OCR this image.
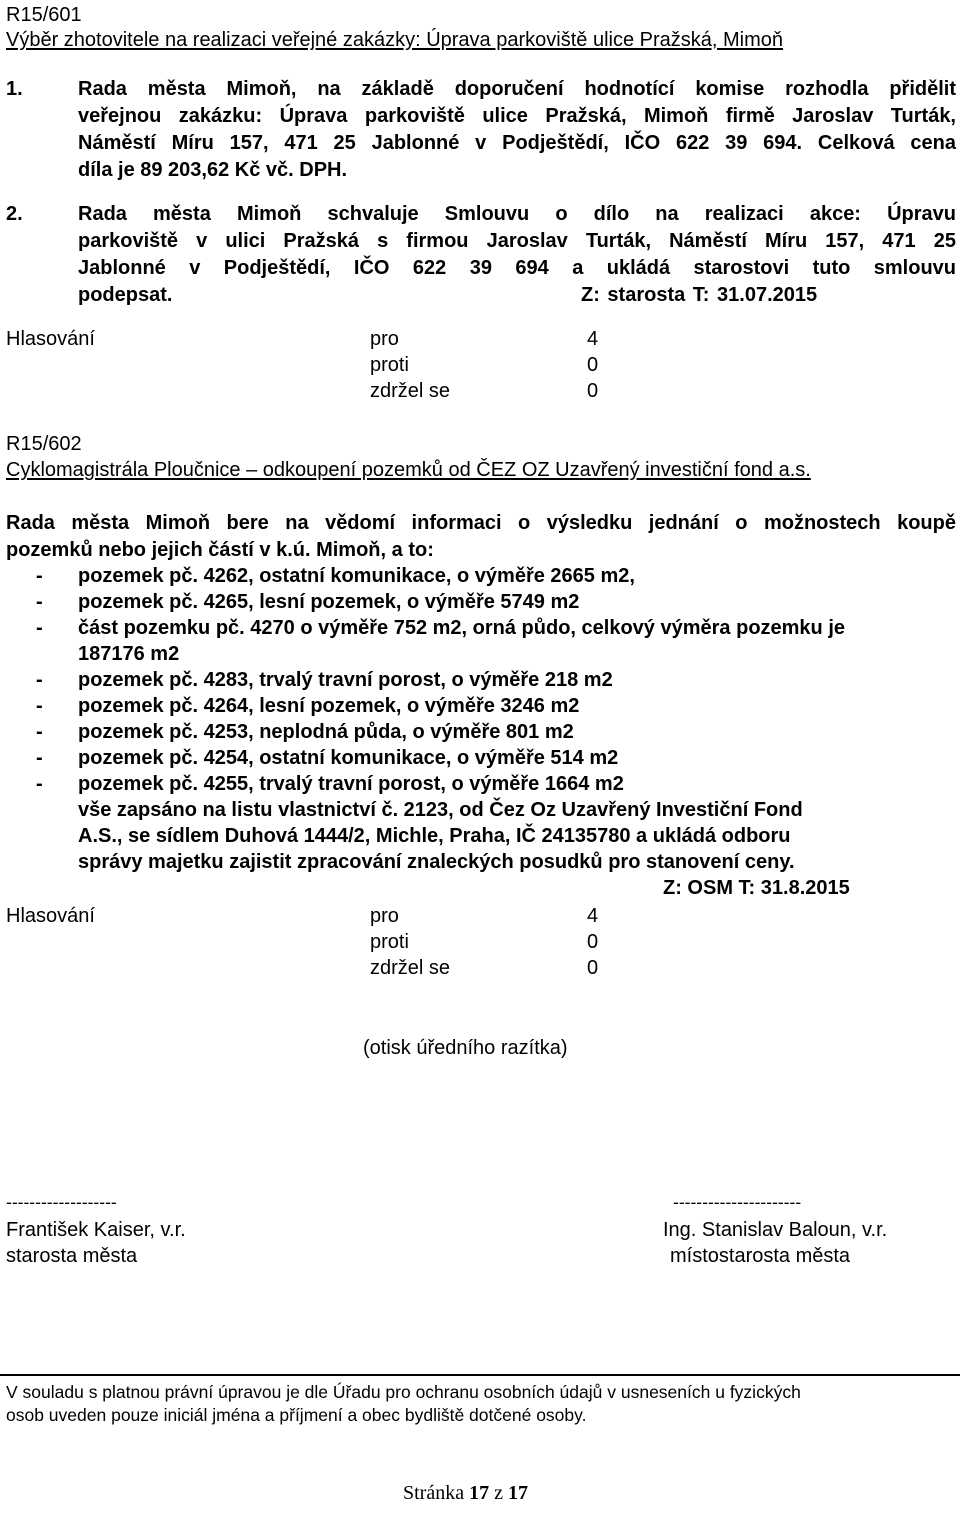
R15/601
Výběr zhotovitele na realizaci veřejné zakázky: Úprava parkoviště ulice Pražská, Mimoň
1.	Rada města Mimoň, na základě doporučení hodnotící komise rozhodla přidělit
veřejnou zakázku: Úprava parkoviště ulice Pražská, Mimoň firmě Jaroslav Turták,
Náměstí Míru 157, 471 25 Jablonné v Podještědí, IČO 622 39 694. Celková cena
díla je 89 203,62 Kč vč. DPH.
2.	Rada města Mimoň schvaluje Smlouvu o dílo na realizaci akce: Úpravu
parkoviště v ulici Pražská s firmou Jaroslav Turták, Náměstí Míru 157, 471 25
Jablonné v Podještědí, IČO 622 39 694 a ukládá starostovi tuto smlouvu
podepsat.	Z: starosta T: 31.07.2015
Hlasování	pro	4
proti	0
zdržel se	0
R15/602
Cyklomagistrála Ploučnice – odkoupení pozemků od ČEZ OZ Uzavřený investiční fond a.s.
Rada města Mimoň bere na vědomí informaci o výsledku jednání o možnostech koupě
pozemků nebo jejich částí v k.ú. Mimoň, a to:
- pozemek pč. 4262, ostatní komunikace, o výměře 2665 m2,
- pozemek pč. 4265, lesní pozemek, o výměře 5749 m2
- část pozemku pč. 4270 o výměře 752 m2, orná půdo, celkový výměra pozemku je
187176 m2
- pozemek pč. 4283, trvalý travní porost, o výměře 218 m2
- pozemek pč. 4264, lesní pozemek, o výměře 3246 m2
- pozemek pč. 4253, neplodná půda, o výměře 801 m2
- pozemek pč. 4254, ostatní komunikace, o výměře 514 m2
- pozemek pč. 4255, trvalý travní porost, o výměře 1664 m2
vše zapsáno na listu vlastnictví č. 2123, od Čez Oz Uzavřený Investiční Fond
A.S., se sídlem Duhová 1444/2, Michle, Praha, IČ 24135780 a ukládá odboru
správy majetku zajistit zpracování znaleckých posudků pro stanovení ceny.
Z: OSM T: 31.8.2015
Hlasování	pro	4
proti	0
zdržel se	0
(otisk úředního razítka)
-------------------
František Kaiser, v.r.
starosta města
----------------------
Ing. Stanislav Baloun, v.r.
místostarosta města
V souladu s platnou právní úpravou je dle Úřadu pro ochranu osobních údajů v usneseních u fyzických
osob uveden pouze iniciál jména a příjmení a obec bydliště dotčené osoby.
Stránka 17 z 17
